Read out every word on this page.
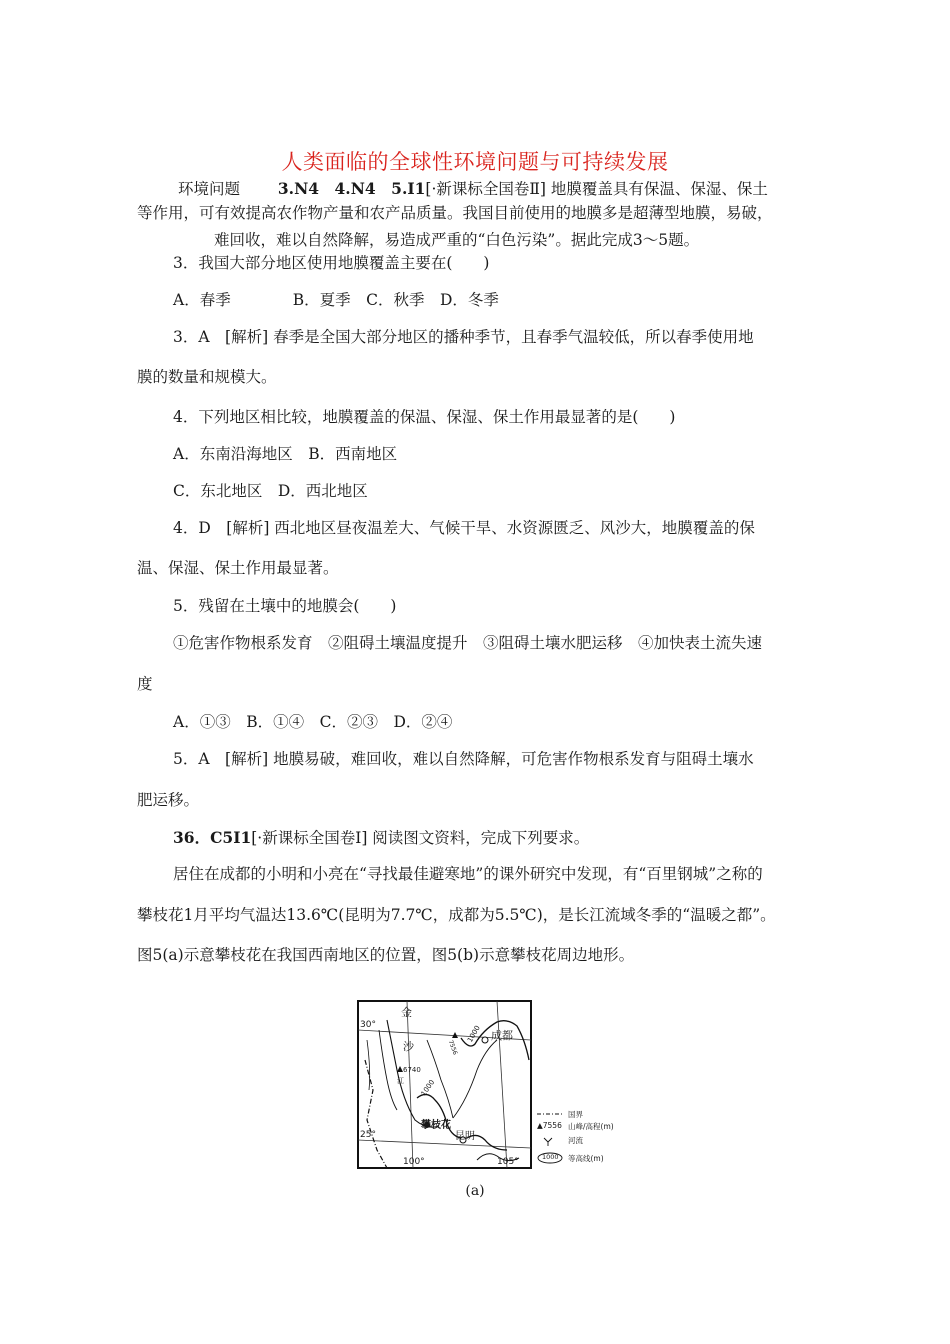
人类面临的全球性环境问题与可持续发展
环境问题 3.N4　4.N4　5.I1[·新课标全国卷Ⅱ] 地膜覆盖具有保温、保湿、保土
等作用，可有效提高农作物产量和农产品质量。我国目前使用的地膜多是超薄型地膜，易破，
难回收，难以自然降解，易造成严重的“白色污染”。据此完成3～5题。
3．我国大部分地区使用地膜覆盖主要在(　　)
A．春季　　　　B．夏季　C．秋季　D．冬季
3．A　[解析] 春季是全国大部分地区的播种季节，且春季气温较低，所以春季使用地
膜的数量和规模大。
4．下列地区相比较，地膜覆盖的保温、保湿、保土作用最显著的是(　　)
A．东南沿海地区　B．西南地区
C．东北地区　D．西北地区
4．D　[解析] 西北地区昼夜温差大、气候干旱、水资源匮乏、风沙大，地膜覆盖的保
温、保湿、保土作用最显著。
5．残留在土壤中的地膜会(　　)
①危害作物根系发育　②阻碍土壤温度提升　③阻碍土壤水肥运移　④加快表土流失速
度
A．①③　B．①④　C．②③　D．②④
5．A　[解析] 地膜易破，难回收，难以自然降解，可危害作物根系发育与阻碍土壤水
肥运移。
36．C5I1[·新课标全国卷Ⅰ] 阅读图文资料，完成下列要求。
居住在成都的小明和小亮在“寻找最佳避寒地”的课外研究中发现，有“百里钢城”之称的
攀枝花1月平均气温达13.6℃(昆明为7.7℃，成都为5.5℃)，是长江流域冬季的“温暖之都”。
图5(a)示意攀枝花在我国西南地区的位置，图5(b)示意攀枝花周边地形。
金
沙
江
成都
昆明
攀枝花
6740
7556
1000
1000
30°
25°
100°	105°
国界
▲7556 山峰/高程(m)
河流
1000 等高线(m)
(a)
